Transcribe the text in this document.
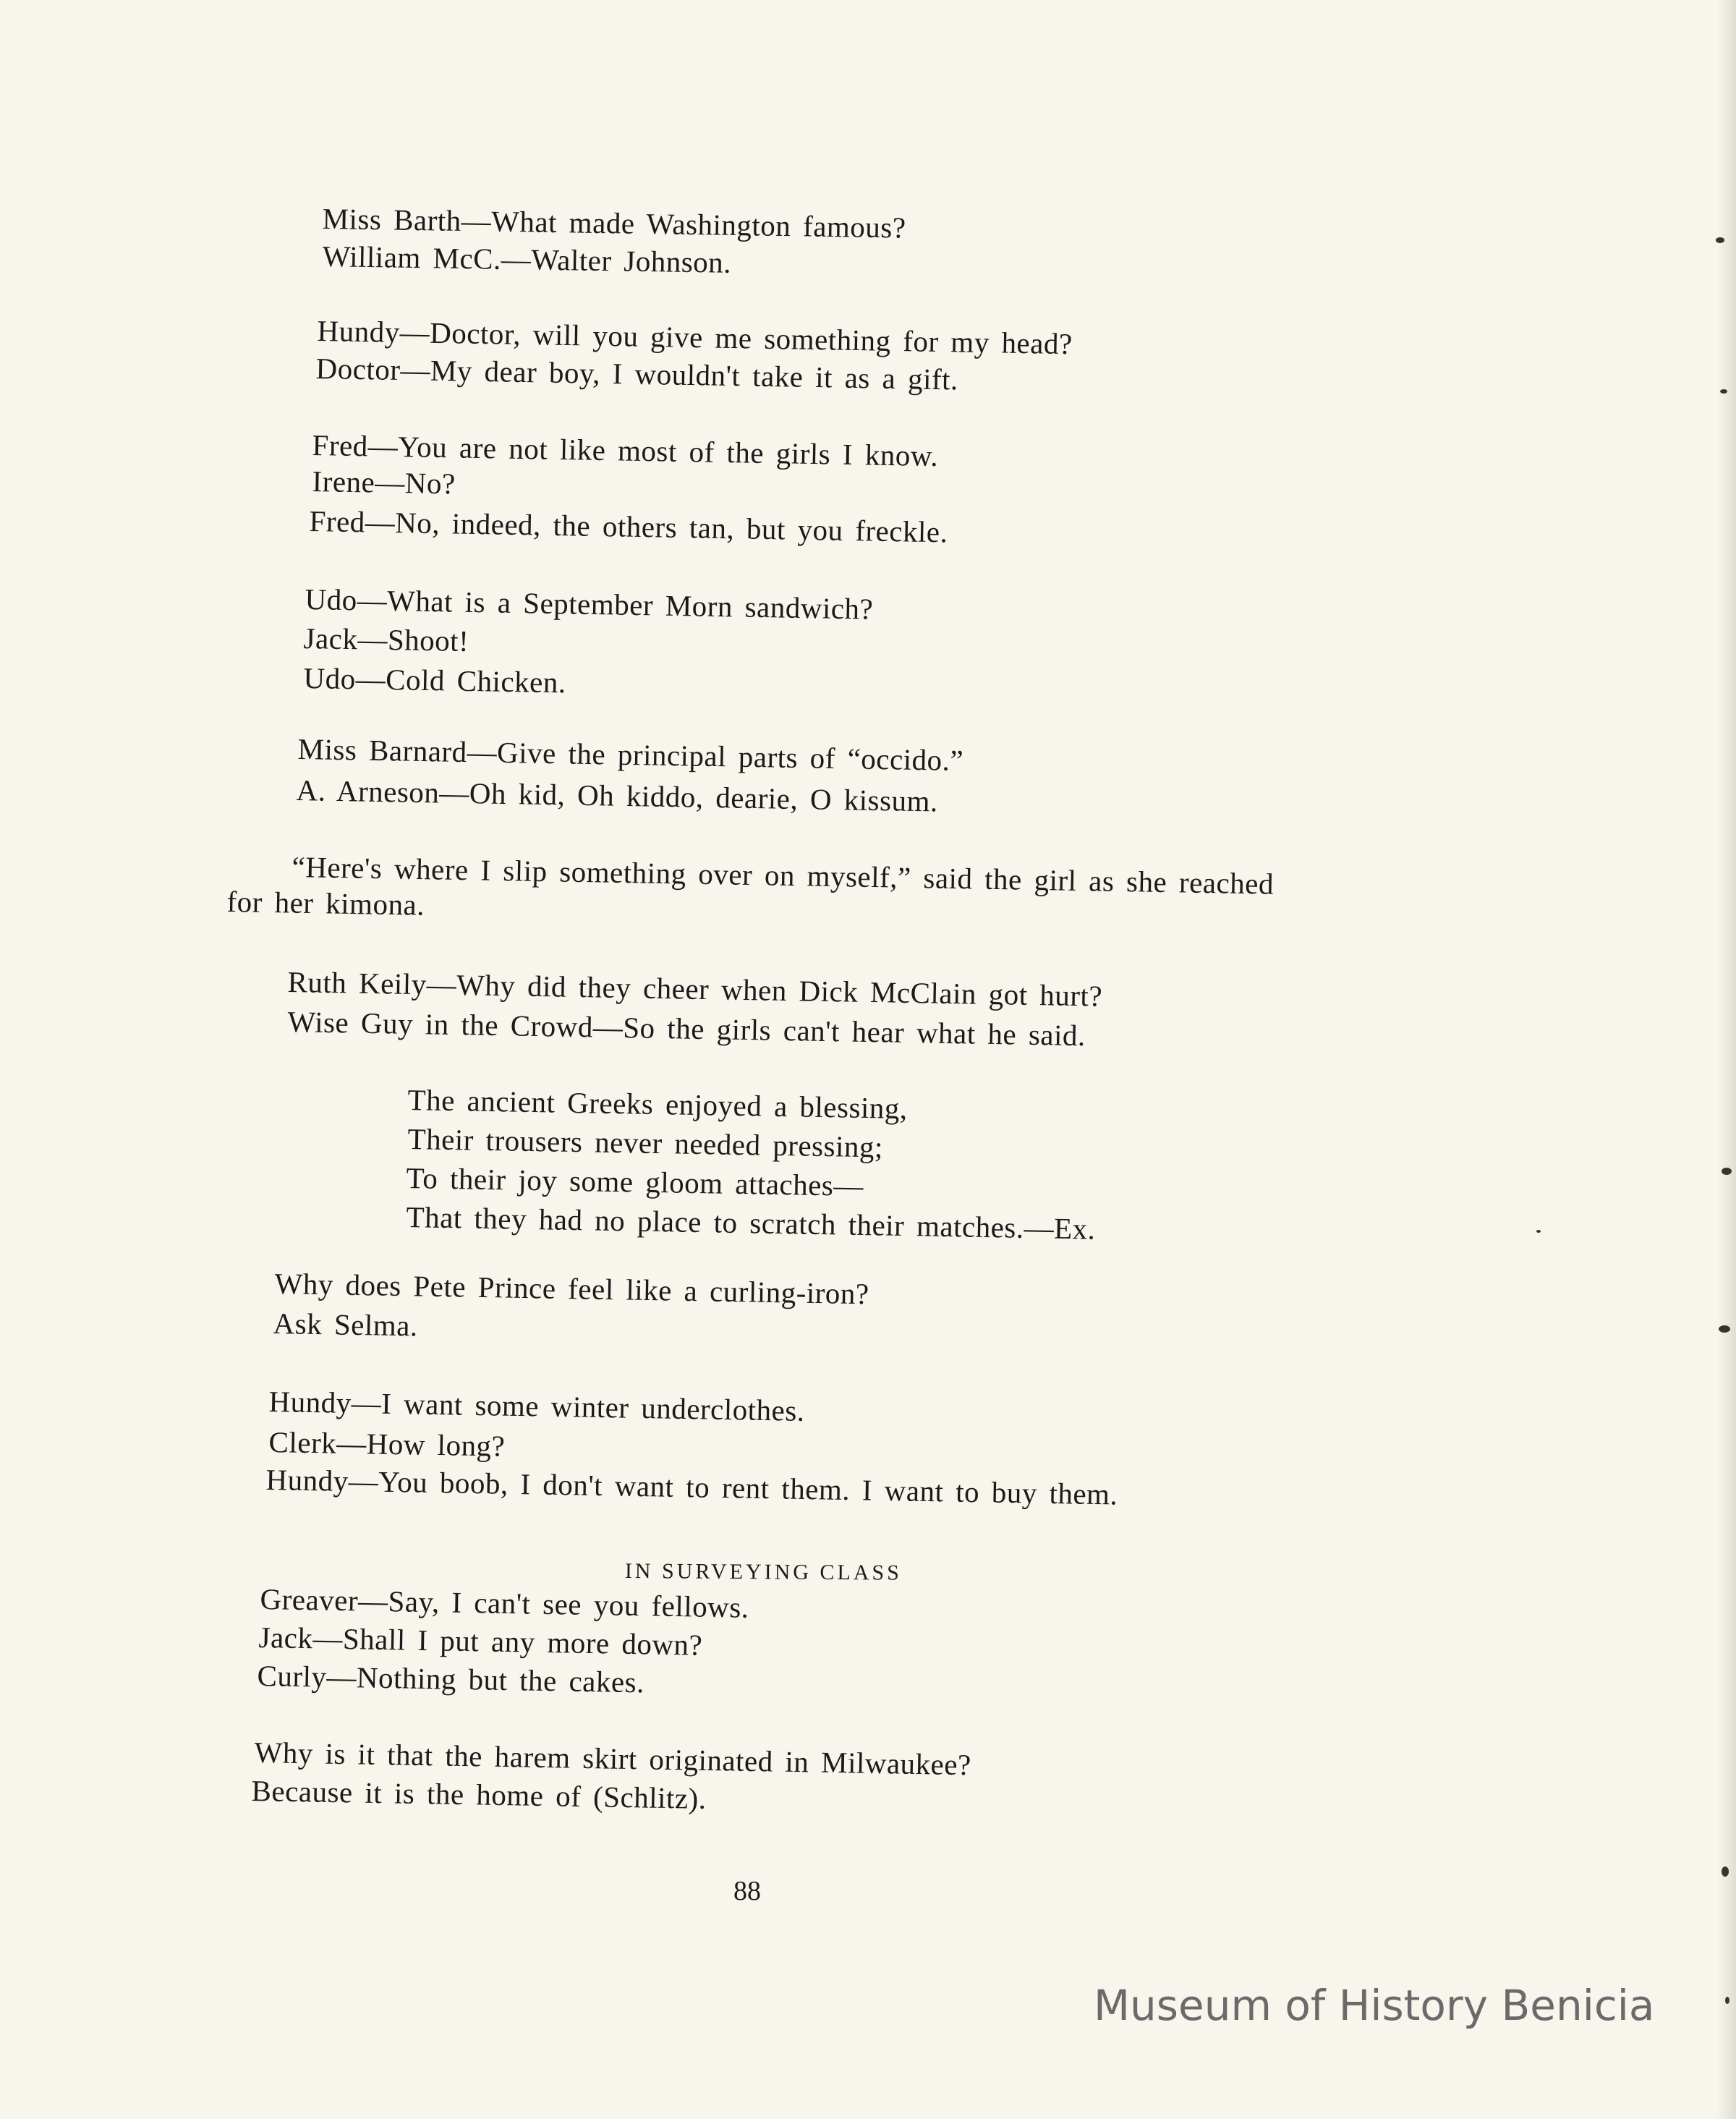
Miss Barth—What made Washington famous?
William McC.—Walter Johnson.
Hundy—Doctor, will you give me something for my head?
Doctor—My dear boy, I wouldn't take it as a gift.
Fred—You are not like most of the girls I know.
Irene—No?
Fred—No, indeed, the others tan, but you freckle.
Udo—What is a September Morn sandwich?
Jack—Shoot!
Udo—Cold Chicken.
Miss Barnard—Give the principal parts of “occido.”
A. Arneson—Oh kid, Oh kiddo, dearie, O kissum.
“Here's where I slip something over on myself,” said the girl as she reached
for her kimona.
Ruth Keily—Why did they cheer when Dick McClain got hurt?
Wise Guy in the Crowd—So the girls can't hear what he said.
The ancient Greeks enjoyed a blessing,
Their trousers never needed pressing;
To their joy some gloom attaches—
That they had no place to scratch their matches.—Ex.
Why does Pete Prince feel like a curling-iron?
Ask Selma.
Hundy—I want some winter underclothes.
Clerk—How long?
Hundy—You boob, I don't want to rent them. I want to buy them.
IN SURVEYING CLASS
Greaver—Say, I can't see you fellows.
Jack—Shall I put any more down?
Curly—Nothing but the cakes.
Why is it that the harem skirt originated in Milwaukee?
Because it is the home of (Schlitz).
88
Museum of History Benicia
